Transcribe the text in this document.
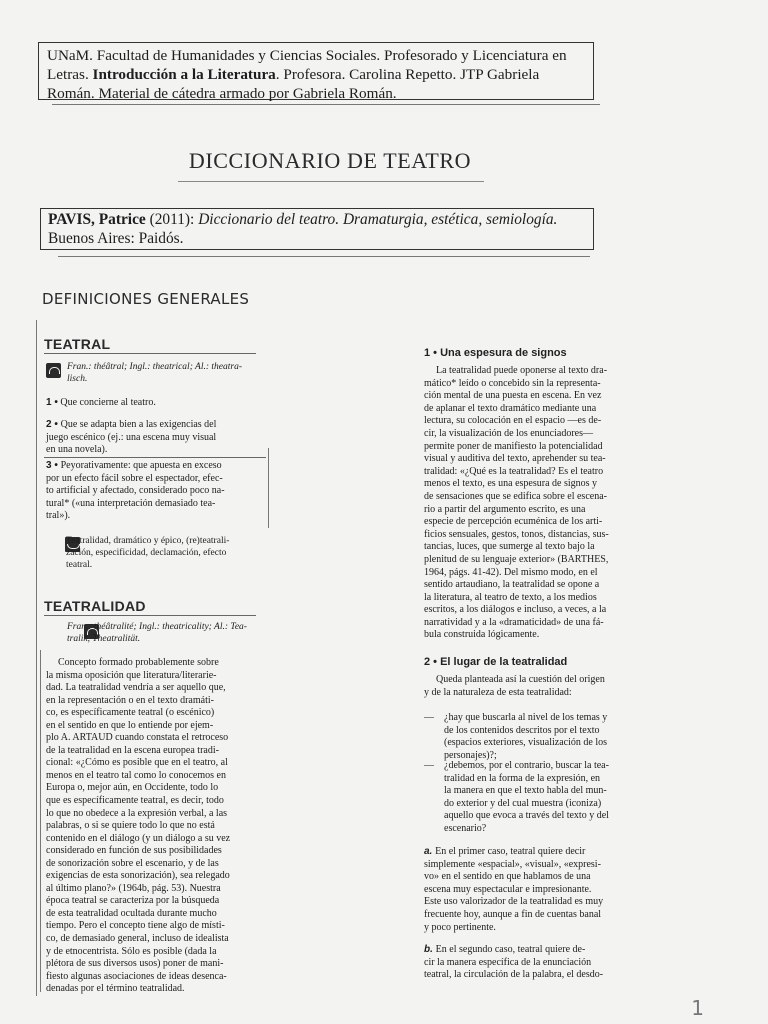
UNaM. Facultad de Humanidades y Ciencias Sociales. Profesorado y Licenciatura en
Letras. Introducción a la Literatura. Profesora. Carolina Repetto. JTP Gabriela
Román. Material de cátedra armado por Gabriela Román.
DICCIONARIO DE TEATRO
PAVIS, Patrice (2011): Diccionario del teatro. Dramaturgia, estética, semiología.
Buenos Aires: Paidós.
DEFINICIONES GENERALES
TEATRAL

Fran.: théâtral; Ingl.: theatrical; Al.: theatra-
lisch.
1 • Que concierne al teatro.
2 • Que se adapta bien a las exigencias del
juego escénico (ej.: una escena muy visual
en una novela).
3 • Peyorativamente: que apuesta en exceso
por un efecto fácil sobre el espectador, efec-
to artificial y afectado, considerado poco na-
tural* («una interpretación demasiado tea-
tral»).

Teatralidad, dramático y épico, (re)teatrali-
zación, especificidad, declamación, efecto
teatral.
TEATRALIDAD
Fran.: théâtralité; Ingl.: theatricality; Al.: Tea-
tralik, Theatralität.
Concepto formado probablemente sobre
la misma oposición que literatura/literarie-
dad. La teatralidad vendría a ser aquello que,
en la representación o en el texto dramáti-
co, es específicamente teatral (o escénico)
en el sentido en que lo entiende por ejem-
plo A. ARTAUD cuando constata el retroceso
de la teatralidad en la escena europea tradi-
cional: «¿Cómo es posible que en el teatro, al
menos en el teatro tal como lo conocemos en
Europa o, mejor aún, en Occidente, todo lo
que es específicamente teatral, es decir, todo
lo que no obedece a la expresión verbal, a las
palabras, o si se quiere todo lo que no está
contenido en el diálogo (y un diálogo a su vez
considerado en función de sus posibilidades
de sonorización sobre el escenario, y de las
exigencias de esta sonorización), sea relegado
al último plano?» (1964b, pág. 53). Nuestra
época teatral se caracteriza por la búsqueda
de esta teatralidad ocultada durante mucho
tiempo. Pero el concepto tiene algo de místi-
co, de demasiado general, incluso de idealista
y de etnocentrista. Sólo es posible (dada la
plétora de sus diversos usos) poner de mani-
fiesto algunas asociaciones de ideas desenca-
denadas por el término teatralidad.
1 • Una espesura de signos
La teatralidad puede oponerse al texto dra-
mático* leído o concebido sin la representa-
ción mental de una puesta en escena. En vez
de aplanar el texto dramático mediante una
lectura, su colocación en el espacio —es de-
cir, la visualización de los enunciadores—
permite poner de manifiesto la potencialidad
visual y auditiva del texto, aprehender su tea-
tralidad: «¿Qué es la teatralidad? Es el teatro
menos el texto, es una espesura de signos y
de sensaciones que se edifica sobre el escena-
rio a partir del argumento escrito, es una
especie de percepción ecuménica de los arti-
ficios sensuales, gestos, tonos, distancias, sus-
tancias, luces, que sumerge al texto bajo la
plenitud de su lenguaje exterior» (BARTHES,
1964, págs. 41-42). Del mismo modo, en el
sentido artaudiano, la teatralidad se opone a
la literatura, al teatro de texto, a los medios
escritos, a los diálogos e incluso, a veces, a la
narratividad y a la «dramaticidad» de una fá-
bula construida lógicamente.
2 • El lugar de la teatralidad
Queda planteada así la cuestión del origen
y de la naturaleza de esta teatralidad:
¿hay que buscarla al nivel de los temas y
—
de los contenidos descritos por el texto
(espacios exteriores, visualización de los
personajes)?;
¿debemos, por el contrario, buscar la tea-
—
tralidad en la forma de la expresión, en
la manera en que el texto habla del mun-
do exterior y del cual muestra (iconiza)
aquello que evoca a través del texto y del
escenario?
a. En el primer caso, teatral quiere decir
simplemente «espacial», «visual», «expresi-
vo» en el sentido en que hablamos de una
escena muy espectacular e impresionante.
Este uso valorizador de la teatralidad es muy
frecuente hoy, aunque a fin de cuentas banal
y poco pertinente.
b. En el segundo caso, teatral quiere de-
cir la manera específica de la enunciación
teatral, la circulación de la palabra, el desdo-
1
